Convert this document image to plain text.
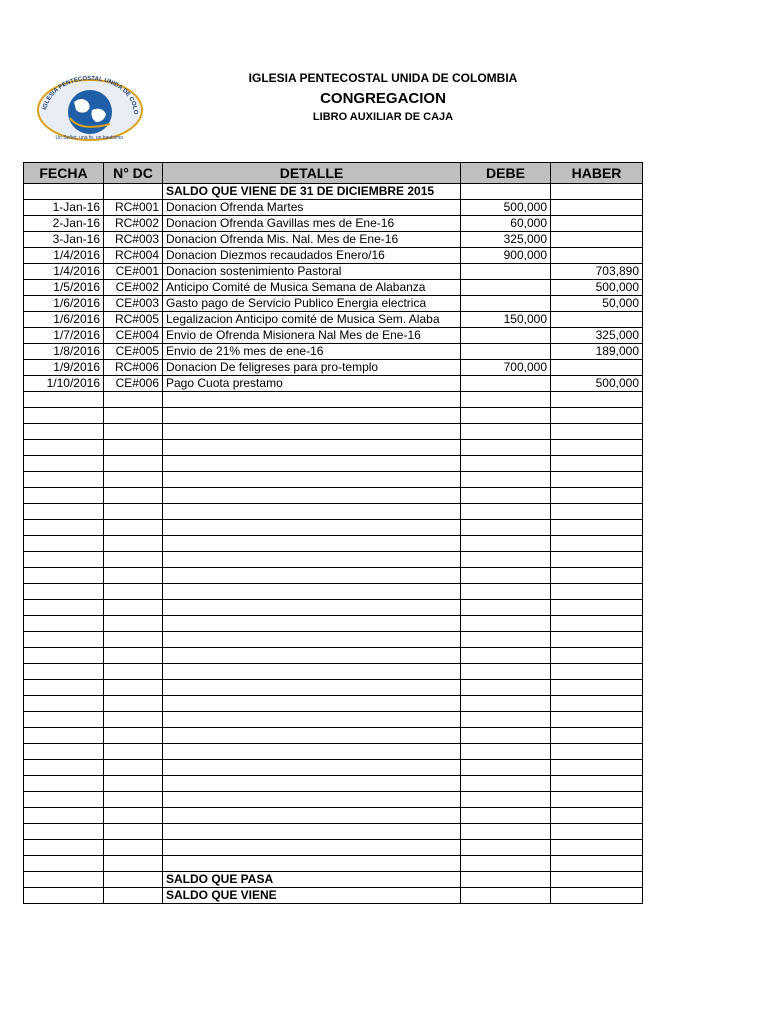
IGLESIA PENTECOSTAL UNIDA DE COLO
Un Señor, una fe, un bautismo.
IGLESIA PENTECOSTAL UNIDA DE COLOMBIA
CONGREGACION
LIBRO AUXILIAR DE CAJA
FECHA	N° DC	DETALLE	DEBE	HABER
		SALDO QUE VIENE DE 31 DE DICIEMBRE 2015		
1-Jan-16	RC#001	Donacion Ofrenda Martes	500,000	
2-Jan-16	RC#002	Donacion Ofrenda Gavillas mes de Ene-16	60,000	
3-Jan-16	RC#003	Donacion Ofrenda Mis. Nal. Mes de Ene-16	325,000	
1/4/2016	RC#004	Donacion Diezmos recaudados Enero/16	900,000	
1/4/2016	CE#001	Donacion sostenimiento Pastoral		703,890
1/5/2016	CE#002	Anticipo Comité de Musica Semana de Alabanza		500,000
1/6/2016	CE#003	Gasto pago de Servicio Publico Energia electrica		50,000
1/6/2016	RC#005	Legalizacion Anticipo comité de Musica Sem. Alaba	150,000	
1/7/2016	CE#004	Envio de Ofrenda Misionera Nal Mes de Ene-16		325,000
1/8/2016	CE#005	Envio de 21% mes de ene-16		189,000
1/9/2016	RC#006	Donacion De feligreses para pro-templo	700,000	
1/10/2016	CE#006	Pago Cuota prestamo		500,000

		SALDO QUE PASA		
		SALDO QUE VIENE		
